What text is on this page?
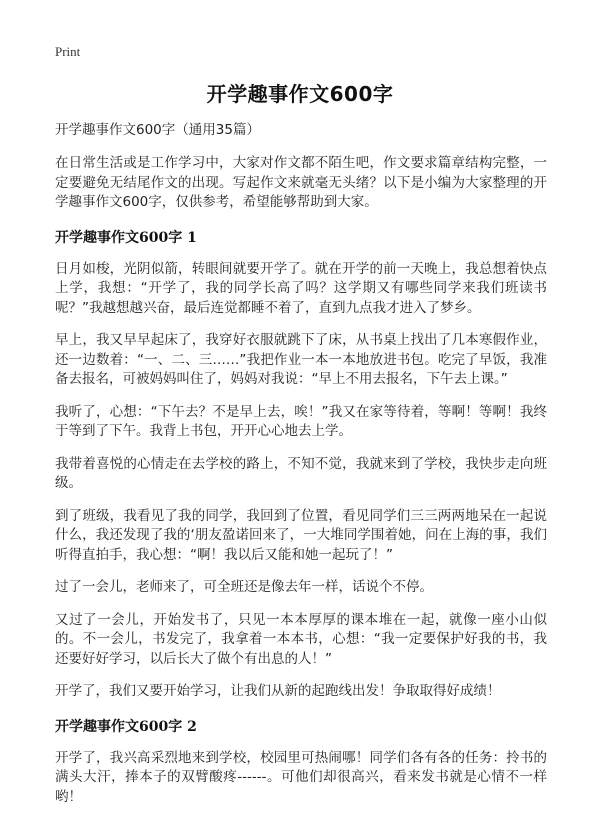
Print
开学趣事作文600字

开学趣事作文600字（通用35篇）

在日常生活或是工作学习中，大家对作文都不陌生吧，作文要求篇章结构完整，一定要避免无结尾作文的出现。写起作文来就毫无头绪？以下是小编为大家整理的开学趣事作文600字，仅供参考，希望能够帮助到大家。

开学趣事作文600字 1

日月如梭，光阴似箭，转眼间就要开学了。就在开学的前一天晚上，我总想着快点上学，我想：“开学了，我的同学长高了吗？这学期又有哪些同学来我们班读书呢？”我越想越兴奋，最后连觉都睡不着了，直到九点我才进入了梦乡。

早上，我又早早起床了，我穿好衣服就跳下了床，从书桌上找出了几本寒假作业，还一边数着：“一、二、三……”我把作业一本一本地放进书包。吃完了早饭，我准备去报名，可被妈妈叫住了，妈妈对我说：“早上不用去报名，下午去上课。”

我听了，心想：“下午去？不是早上去，唉！”我又在家等待着，等啊！等啊！我终于等到了下午。我背上书包，开开心心地去上学。

我带着喜悦的心情走在去学校的路上，不知不觉，我就来到了学校，我快步走向班级。

到了班级，我看见了我的同学，我回到了位置，看见同学们三三两两地呆在一起说什么，我还发现了我的‘朋友盈诺回来了，一大堆同学围着她，问在上海的事，我们听得直拍手，我心想：“啊！我以后又能和她一起玩了！”

过了一会儿，老师来了，可全班还是像去年一样，话说个不停。

又过了一会儿，开始发书了，只见一本本厚厚的课本堆在一起，就像一座小山似的。不一会儿，书发完了，我拿着一本本书，心想：“我一定要保护好我的书，我还要好好学习，以后长大了做个有出息的人！”

开学了，我们又要开始学习，让我们从新的起跑线出发！争取取得好成绩！

开学趣事作文600字 2

开学了，我兴高采烈地来到学校，校园里可热闹哪！同学们各有各的任务：拎书的满头大汗，捧本子的双臂酸疼------。可他们却很高兴，看来发书就是心情不一样哟！
